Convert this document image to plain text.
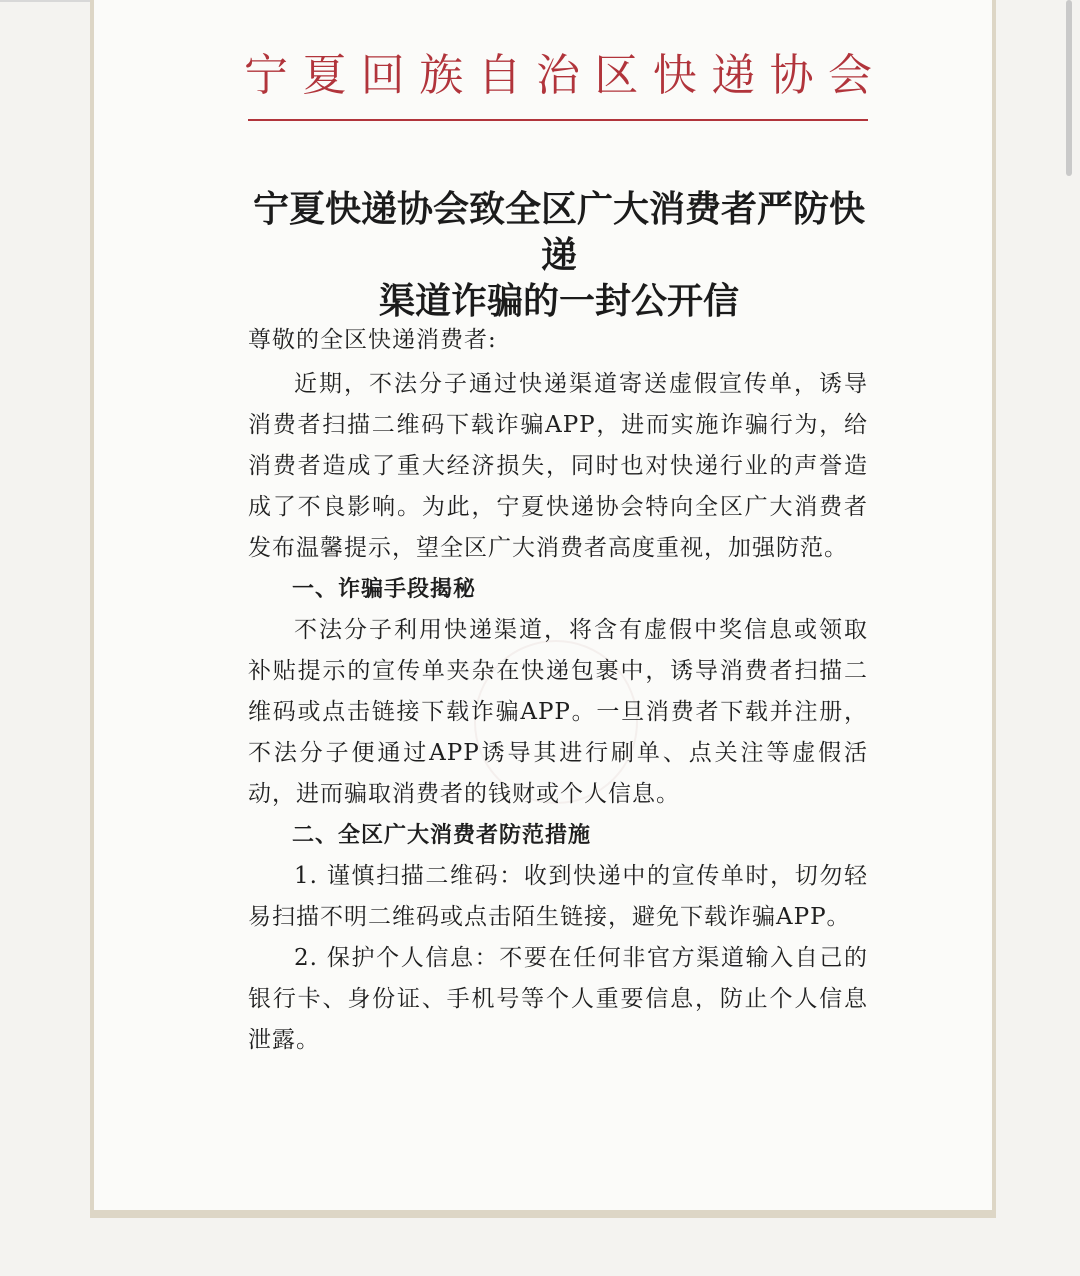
宁夏回族自治区快递协会
宁夏快递协会致全区广大消费者严防快递
渠道诈骗的一封公开信

尊敬的全区快递消费者:

近期，不法分子通过快递渠道寄送虚假宣传单，诱导消费者扫描二维码下载诈骗APP，进而实施诈骗行为，给消费者造成了重大经济损失，同时也对快递行业的声誉造成了不良影响。为此，宁夏快递协会特向全区广大消费者发布温馨提示，望全区广大消费者高度重视，加强防范。

一、诈骗手段揭秘

不法分子利用快递渠道，将含有虚假中奖信息或领取补贴提示的宣传单夹杂在快递包裹中，诱导消费者扫描二维码或点击链接下载诈骗APP。一旦消费者下载并注册，不法分子便通过APP诱导其进行刷单、点关注等虚假活动，进而骗取消费者的钱财或个人信息。

二、全区广大消费者防范措施

1. 谨慎扫描二维码：收到快递中的宣传单时，切勿轻易扫描不明二维码或点击陌生链接，避免下载诈骗APP。

2. 保护个人信息：不要在任何非官方渠道输入自己的银行卡、身份证、手机号等个人重要信息，防止个人信息泄露。
